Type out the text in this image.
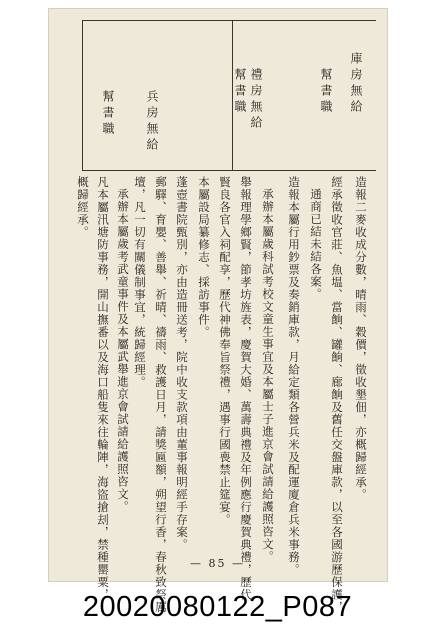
庫房無給
幫書職
造報二麥收成分數，晴雨、穀價，徵收墾佃，亦概歸經承。
經承徵收官莊、魚塭、當餉、罐餉、廊餉及舊任交盤庫款，以至各國游歷保護，
通商已結未結各案。
造報本屬行用鈔票及奏銷庫款，月給定類各營兵米及配運廈倉兵米事務。
禮房無給
幫書職
承辦本屬歲科試考校文童生事宜及本屬士子進京會試請給護照咨文。
舉報理學鄉賢，節孝坊旌表，慶賀大婚、萬壽典禮及年例應行慶賀典禮，歷代
賢良各官入祠配享，歷代神佛奉旨祭禮，遇事行國喪禁止筵宴。
本屬設局纂修志、採訪事件。
蓬壺書院甄別，亦由造冊送考，院中收支款項由董事報明經手存案。
郵驛、育嬰、善舉、祈晴、禱雨、救護日月，請獎匾額，朔望行香，春秋致祭厲
壇，凡一切有關儀制事宜，統歸經理。
兵房無給
幫書職
承辦本屬歲考武童事件及本屬武舉進京會試請給護照咨文。
凡本屬汛塘防事務，開山撫番以及海口船隻來往輪陣，海盜搶刦，禁種罌粟，
概歸經承。
— 85 —
20020080122_P087
